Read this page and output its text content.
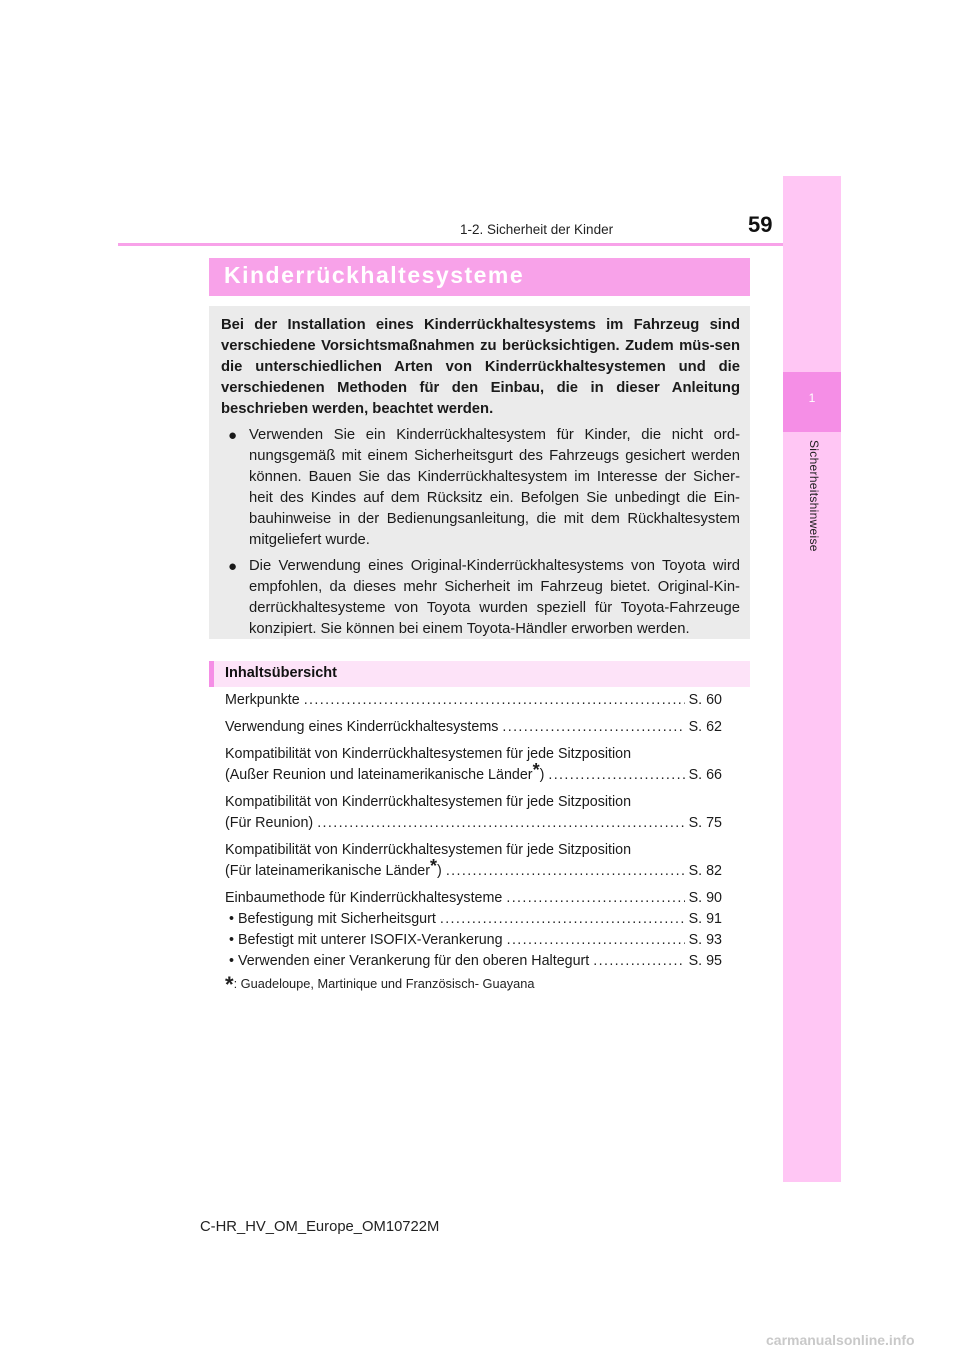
1
Sicherheitshinweise
59
1-2. Sicherheit der Kinder
Kinderrückhaltesysteme

Bei der Installation eines Kinderrückhaltesystems im Fahrzeug sind verschiedene Vorsichtsmaßnahmen zu berücksichtigen. Zudem müs-sen die unterschiedlichen Arten von Kinderrückhaltesystemen und die verschiedenen Methoden für den Einbau, die in dieser Anleitung beschrieben werden, beachtet werden.

● Verwenden Sie ein Kinderrückhaltesystem für Kinder, die nicht ord-nungsgemäß mit einem Sicherheitsgurt des Fahrzeugs gesichert werden können. Bauen Sie das Kinderrückhaltesystem im Interesse der Sicher-heit des Kindes auf dem Rücksitz ein. Befolgen Sie unbedingt die Ein-bauhinweise in der Bedienungsanleitung, die mit dem Rückhaltesystem mitgeliefert wurde.
● Die Verwendung eines Original-Kinderrückhaltesystems von Toyota wird empfohlen, da dieses mehr Sicherheit im Fahrzeug bietet. Original-Kin-derrückhaltesysteme von Toyota wurden speziell für Toyota-Fahrzeuge konzipiert. Sie können bei einem Toyota-Händler erworben werden.
Inhaltsübersicht
Merkpunkte . . .	S. 60
Verwendung eines Kinderrückhaltesystems . . .	S. 62
Kompatibilität von Kinderrückhaltesystemen für jede Sitzposition
(Außer Reunion und lateinamerikanische Länder*) . . .	S. 66
Kompatibilität von Kinderrückhaltesystemen für jede Sitzposition
(Für Reunion) . . .	S. 75
Kompatibilität von Kinderrückhaltesystemen für jede Sitzposition
(Für lateinamerikanische Länder*) . . .	S. 82
Einbaumethode für Kinderrückhaltesysteme . . .	S. 90
• Befestigung mit Sicherheitsgurt . . .	S. 91
• Befestigt mit unterer ISOFIX-Verankerung . . .	S. 93
• Verwenden einer Verankerung für den oberen Haltegurt . . .	S. 95
*: Guadeloupe, Martinique und Französisch- Guayana
C-HR_HV_OM_Europe_OM10722M
carmanualsonline.info
